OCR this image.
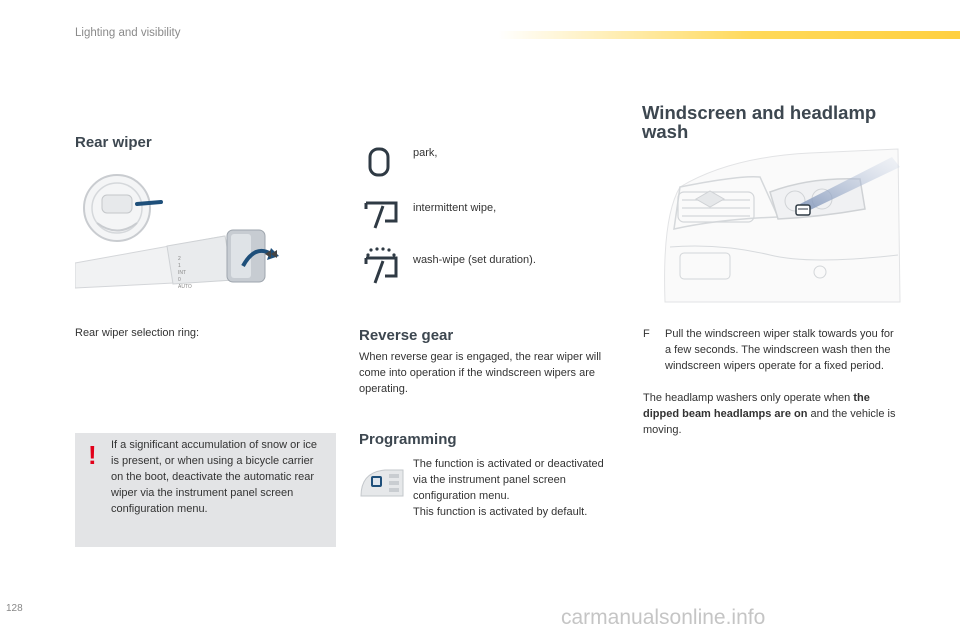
Lighting and visibility
Rear wiper
2
1
INT
0
AUTO
Rear wiper selection ring:
! If a significant accumulation of snow or ice is present, or when using a bicycle carrier on the boot, deactivate the automatic rear wiper via the instrument panel screen configuration menu.
park,
intermittent wipe,
wash-wipe (set duration).
Reverse gear
When reverse gear is engaged, the rear wiper will come into operation if the windscreen wipers are operating.
Programming
The function is activated or deactivated via the instrument panel screen configuration menu.
This function is activated by default.
Windscreen and headlamp wash
F Pull the windscreen wiper stalk towards you for a few seconds. The windscreen wash then the windscreen wipers operate for a fixed period.
The headlamp washers only operate when the dipped beam headlamps are on and the vehicle is moving.
128	carmanualsonline.info
